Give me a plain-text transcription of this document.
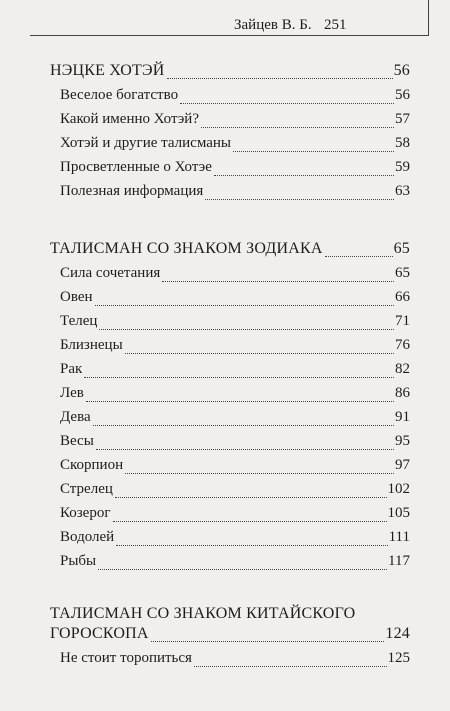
Зайцев В. Б. 251
НЭЦКЕ ХОТЭЙ	56
Веселое богатство	56
Какой именно Хотэй?	57
Хотэй и другие талисманы	58
Просветленные о Хотэе	59
Полезная информация	63
ТАЛИСМАН СО ЗНАКОМ ЗОДИАКА	65
Сила сочетания	65
Овен	66
Телец	71
Близнецы	76
Рак	82
Лев	86
Дева	91
Весы	95
Скорпион	97
Стрелец	102
Козерог	105
Водолей	111
Рыбы	117
ТАЛИСМАН СО ЗНАКОМ КИТАЙСКОГО
ГОРОСКОПА	124
Не стоит торопиться	125
